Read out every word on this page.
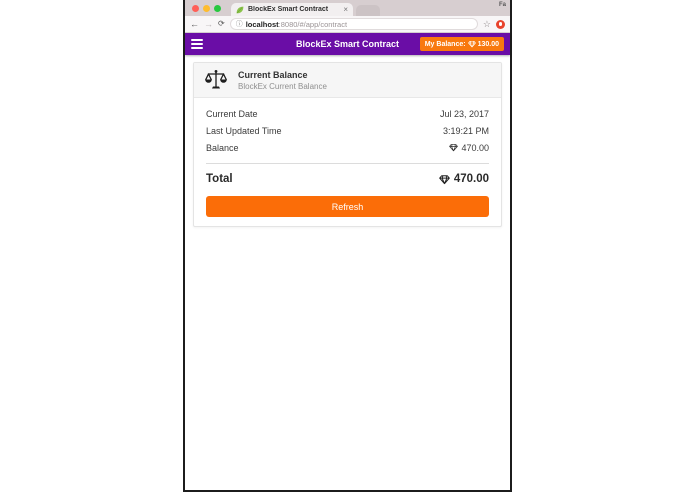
BlockEx Smart Contract	×	Fa
← → ⟳ ⓘ localhost:8080/#/app/contract	☆
BlockEx Smart Contract	My Balance: 130.00
Current Balance
BlockEx Current Balance
Current Date	Jul 23, 2017
Last Updated Time	3:19:21 PM
Balance	470.00
Total	470.00
Refresh
